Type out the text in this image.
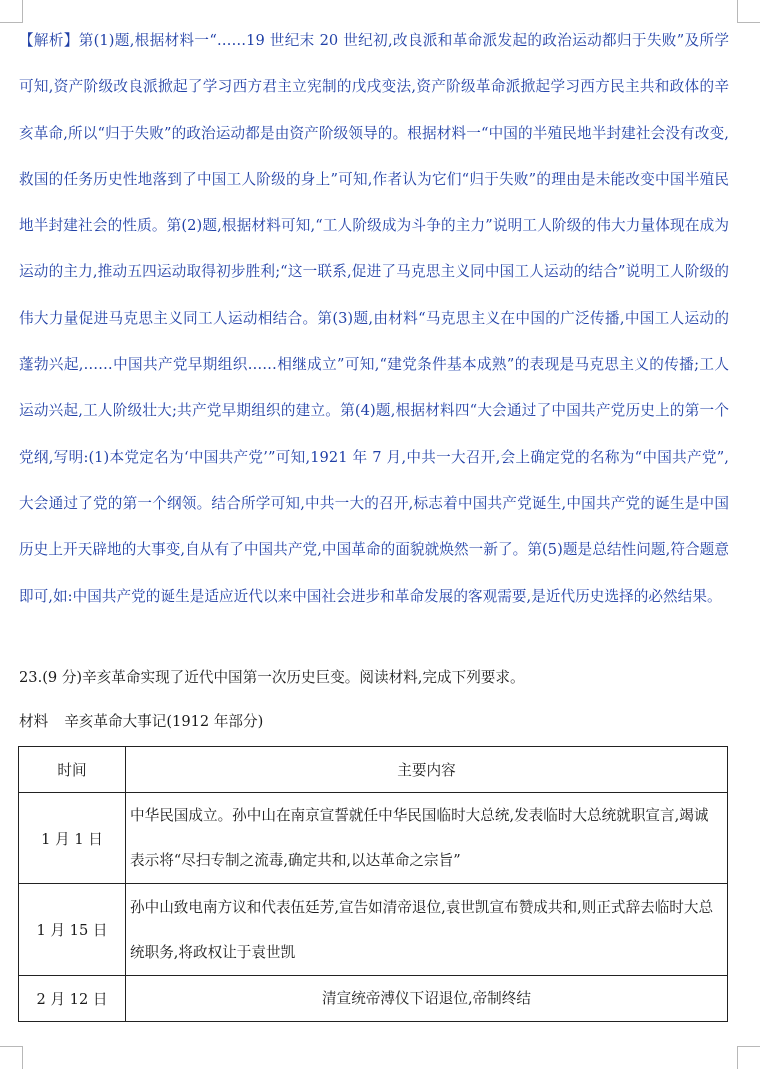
【解析】第(1)题,根据材料一“……19 世纪末 20 世纪初,改良派和革命派发起的政治运动都归于失败”及所学可知,资产阶级改良派掀起了学习西方君主立宪制的戊戌变法,资产阶级革命派掀起学习西方民主共和政体的辛亥革命,所以“归于失败”的政治运动都是由资产阶级领导的。根据材料一“中国的半殖民地半封建社会没有改变,救国的任务历史性地落到了中国工人阶级的身上”可知,作者认为它们“归于失败”的理由是未能改变中国半殖民地半封建社会的性质。第(2)题,根据材料可知,“工人阶级成为斗争的主力”说明工人阶级的伟大力量体现在成为运动的主力,推动五四运动取得初步胜利;“这一联系,促进了马克思主义同中国工人运动的结合”说明工人阶级的伟大力量促进马克思主义同工人运动相结合。第(3)题,由材料“马克思主义在中国的广泛传播,中国工人运动的蓬勃兴起,……中国共产党早期组织……相继成立”可知,“建党条件基本成熟”的表现是马克思主义的传播;工人运动兴起,工人阶级壮大;共产党早期组织的建立。第(4)题,根据材料四“大会通过了中国共产党历史上的第一个党纲,写明:(1)本党定名为‘中国共产党’”可知,1921 年 7 月,中共一大召开,会上确定党的名称为“中国共产党”,大会通过了党的第一个纲领。结合所学可知,中共一大的召开,标志着中国共产党诞生,中国共产党的诞生是中国历史上开天辟地的大事变,自从有了中国共产党,中国革命的面貌就焕然一新了。第(5)题是总结性问题,符合题意即可,如:中国共产党的诞生是适应近代以来中国社会进步和革命发展的客观需要,是近代历史选择的必然结果。

23.(9 分)辛亥革命实现了近代中国第一次历史巨变。阅读材料,完成下列要求。

材料 辛亥革命大事记(1912 年部分)

时间	主要内容
1 月 1 日	中华民国成立。孙中山在南京宣誓就任中华民国临时大总统,发表临时大总统就职宣言,竭诚表示将“尽扫专制之流毒,确定共和,以达革命之宗旨”
1 月 15 日	孙中山致电南方议和代表伍廷芳,宣告如清帝退位,袁世凯宣布赞成共和,则正式辞去临时大总统职务,将政权让于袁世凯
2 月 12 日	清宣统帝溥仪下诏退位,帝制终结
